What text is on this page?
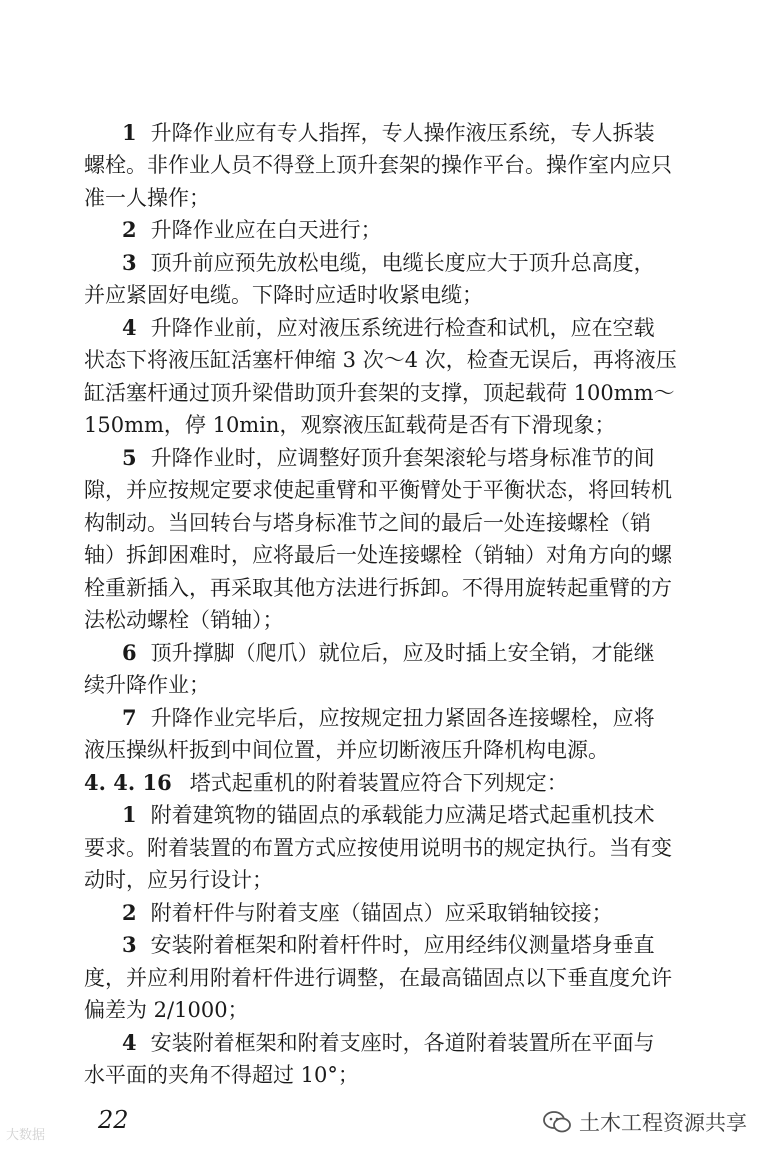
1 升降作业应有专人指挥，专人操作液压系统，专人拆装
螺栓。非作业人员不得登上顶升套架的操作平台。操作室内应只
准一人操作；
2 升降作业应在白天进行；
3 顶升前应预先放松电缆，电缆长度应大于顶升总高度，
并应紧固好电缆。下降时应适时收紧电缆；
4 升降作业前，应对液压系统进行检查和试机，应在空载
状态下将液压缸活塞杆伸缩 3 次～4 次，检查无误后，再将液压
缸活塞杆通过顶升梁借助顶升套架的支撑，顶起载荷 100mm～
150mm，停 10min，观察液压缸载荷是否有下滑现象；
5 升降作业时，应调整好顶升套架滚轮与塔身标准节的间
隙，并应按规定要求使起重臂和平衡臂处于平衡状态，将回转机
构制动。当回转台与塔身标准节之间的最后一处连接螺栓（销
轴）拆卸困难时，应将最后一处连接螺栓（销轴）对角方向的螺
栓重新插入，再采取其他方法进行拆卸。不得用旋转起重臂的方
法松动螺栓（销轴）；
6 顶升撑脚（爬爪）就位后，应及时插上安全销，才能继
续升降作业；
7 升降作业完毕后，应按规定扭力紧固各连接螺栓，应将
液压操纵杆扳到中间位置，并应切断液压升降机构电源。
4. 4. 16 塔式起重机的附着装置应符合下列规定：
1 附着建筑物的锚固点的承载能力应满足塔式起重机技术
要求。附着装置的布置方式应按使用说明书的规定执行。当有变
动时，应另行设计；
2 附着杆件与附着支座（锚固点）应采取销轴铰接；
3 安装附着框架和附着杆件时，应用经纬仪测量塔身垂直
度，并应利用附着杆件进行调整，在最高锚固点以下垂直度允许
偏差为 2/1000；
4 安装附着框架和附着支座时，各道附着装置所在平面与
水平面的夹角不得超过 10°；
22
大数据
土木工程资源共享
